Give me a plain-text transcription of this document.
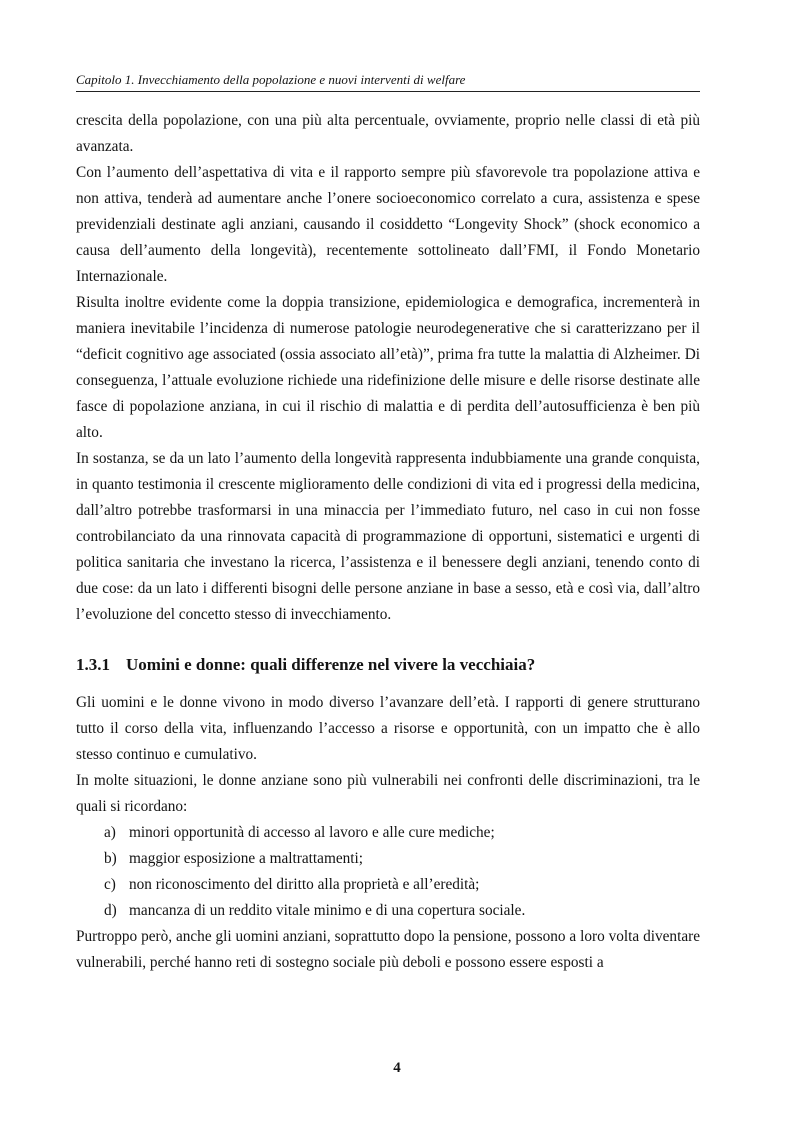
Capitolo 1. Invecchiamento della popolazione e nuovi interventi di welfare

crescita della popolazione, con una più alta percentuale, ovviamente, proprio nelle classi di età più avanzata.

Con l’aumento dell’aspettativa di vita e il rapporto sempre più sfavorevole tra popolazione attiva e non attiva, tenderà ad aumentare anche l’onere socioeconomico correlato a cura, assistenza e spese previdenziali destinate agli anziani, causando il cosiddetto “Longevity Shock” (shock economico a causa dell’aumento della longevità), recentemente sottolineato dall’FMI, il Fondo Monetario Internazionale.

Risulta inoltre evidente come la doppia transizione, epidemiologica e demografica, incrementerà in maniera inevitabile l’incidenza di numerose patologie neurodegenerative che si caratterizzano per il “deficit cognitivo age associated (ossia associato all’età)”, prima fra tutte la malattia di Alzheimer. Di conseguenza, l’attuale evoluzione richiede una ridefinizione delle misure e delle risorse destinate alle fasce di popolazione anziana, in cui il rischio di malattia e di perdita dell’autosufficienza è ben più alto.

In sostanza, se da un lato l’aumento della longevità rappresenta indubbiamente una grande conquista, in quanto testimonia il crescente miglioramento delle condizioni di vita ed i progressi della medicina, dall’altro potrebbe trasformarsi in una minaccia per l’immediato futuro, nel caso in cui non fosse controbilanciato da una rinnovata capacità di programmazione di opportuni, sistematici e urgenti di politica sanitaria che investano la ricerca, l’assistenza e il benessere degli anziani, tenendo conto di due cose: da un lato i differenti bisogni delle persone anziane in base a sesso, età e così via, dall’altro l’evoluzione del concetto stesso di invecchiamento.

1.3.1 Uomini e donne: quali differenze nel vivere la vecchiaia?

Gli uomini e le donne vivono in modo diverso l’avanzare dell’età. I rapporti di genere strutturano tutto il corso della vita, influenzando l’accesso a risorse e opportunità, con un impatto che è allo stesso continuo e cumulativo.

In molte situazioni, le donne anziane sono più vulnerabili nei confronti delle discriminazioni, tra le quali si ricordano:

a) minori opportunità di accesso al lavoro e alle cure mediche;
b) maggior esposizione a maltrattamenti;
c) non riconoscimento del diritto alla proprietà e all’eredità;
d) mancanza di un reddito vitale minimo e di una copertura sociale.

Purtroppo però, anche gli uomini anziani, soprattutto dopo la pensione, possono a loro volta diventare vulnerabili, perché hanno reti di sostegno sociale più deboli e possono essere esposti a

4
